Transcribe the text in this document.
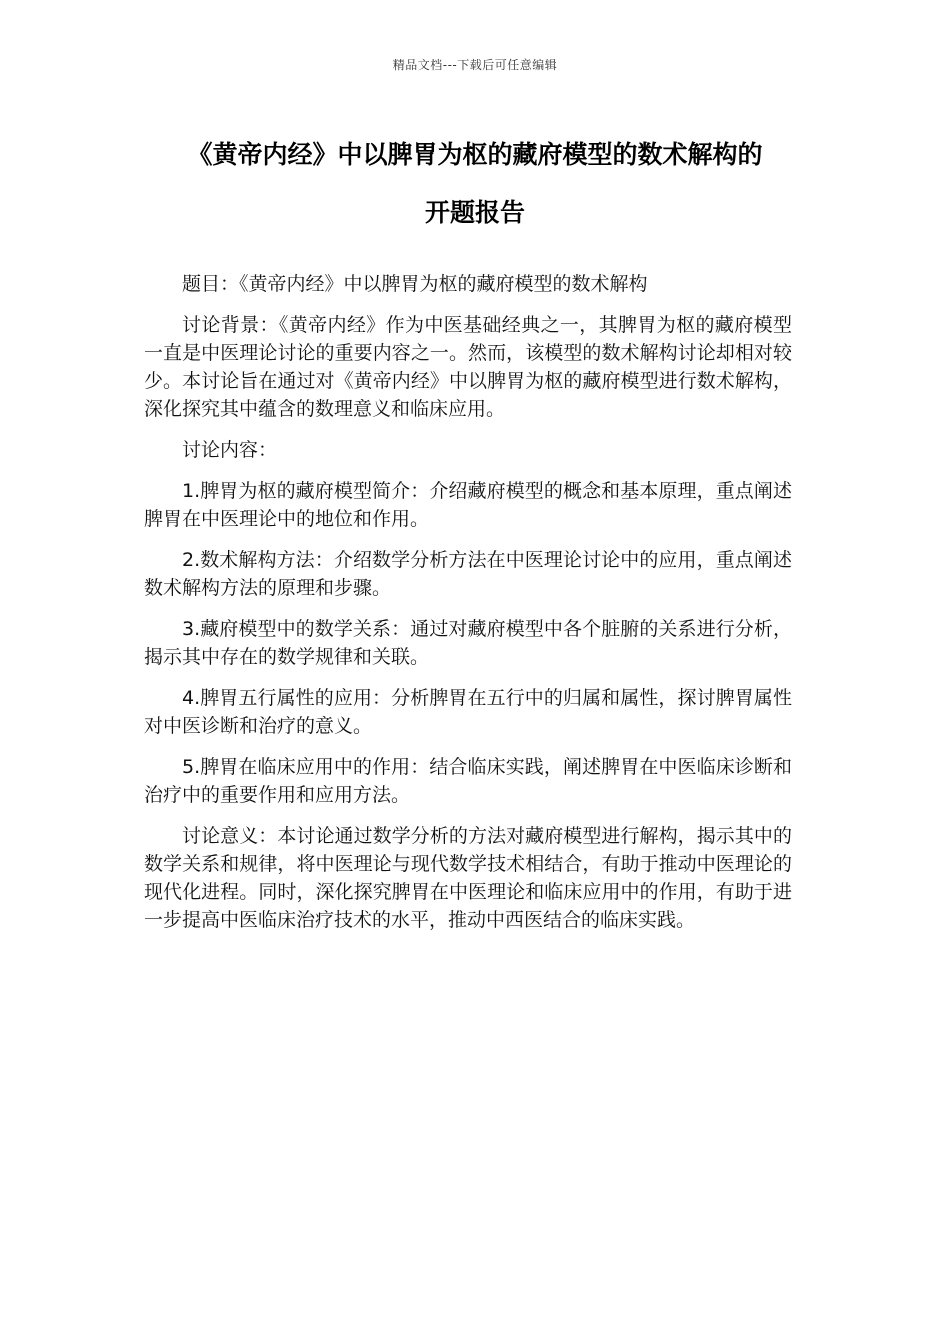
精品文档---下载后可任意编辑
《黄帝内经》中以脾胃为枢的藏府模型的数术解构的
开题报告

题目：《黄帝内经》中以脾胃为枢的藏府模型的数术解构

讨论背景：《黄帝内经》作为中医基础经典之一，其脾胃为枢的藏府模型一直是中医理论讨论的重要内容之一。然而，该模型的数术解构讨论却相对较少。本讨论旨在通过对《黄帝内经》中以脾胃为枢的藏府模型进行数术解构，深化探究其中蕴含的数理意义和临床应用。

讨论内容：

1.脾胃为枢的藏府模型简介：介绍藏府模型的概念和基本原理，重点阐述脾胃在中医理论中的地位和作用。

2.数术解构方法：介绍数学分析方法在中医理论讨论中的应用，重点阐述数术解构方法的原理和步骤。

3.藏府模型中的数学关系：通过对藏府模型中各个脏腑的关系进行分析，揭示其中存在的数学规律和关联。

4.脾胃五行属性的应用：分析脾胃在五行中的归属和属性，探讨脾胃属性对中医诊断和治疗的意义。

5.脾胃在临床应用中的作用：结合临床实践，阐述脾胃在中医临床诊断和治疗中的重要作用和应用方法。

讨论意义：本讨论通过数学分析的方法对藏府模型进行解构，揭示其中的数学关系和规律，将中医理论与现代数学技术相结合，有助于推动中医理论的现代化进程。同时，深化探究脾胃在中医理论和临床应用中的作用，有助于进一步提高中医临床治疗技术的水平，推动中西医结合的临床实践。
